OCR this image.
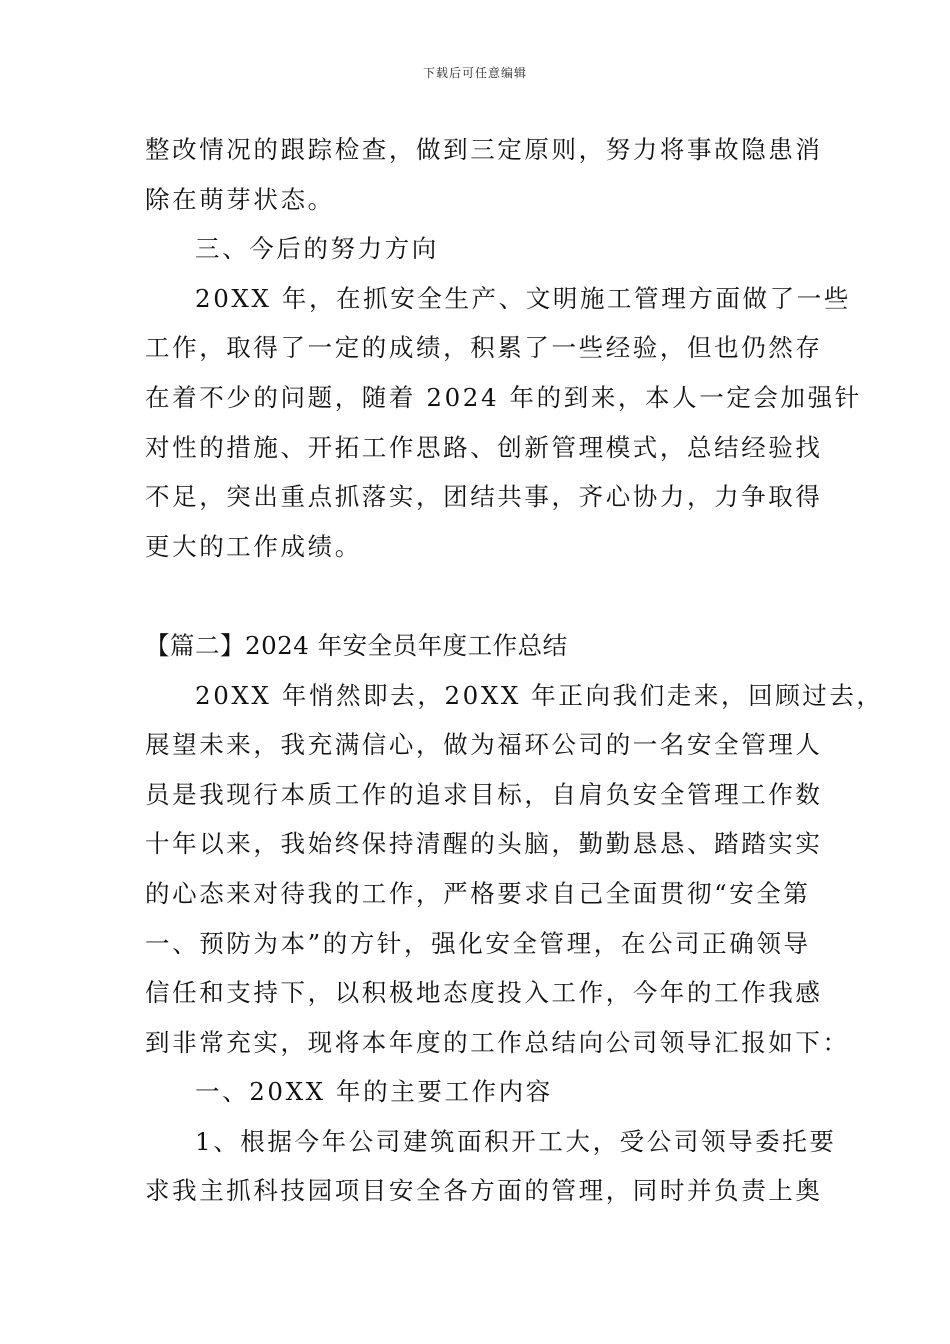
下载后可任意编辑
整改情况的跟踪检查，做到三定原则，努力将事故隐患消
除在萌芽状态。
三、今后的努力方向
20XX 年，在抓安全生产、文明施工管理方面做了一些
工作，取得了一定的成绩，积累了一些经验，但也仍然存
在着不少的问题，随着 2024 年的到来，本人一定会加强针
对性的措施、开拓工作思路、创新管理模式，总结经验找
不足，突出重点抓落实，团结共事，齐心协力，力争取得
更大的工作成绩。
【篇二】2024 年安全员年度工作总结
20XX 年悄然即去，20XX 年正向我们走来，回顾过去，
展望未来，我充满信心，做为福环公司的一名安全管理人
员是我现行本质工作的追求目标，自肩负安全管理工作数
十年以来，我始终保持清醒的头脑，勤勤恳恳、踏踏实实
的心态来对待我的工作，严格要求自己全面贯彻“安全第
一、预防为本”的方针，强化安全管理，在公司正确领导
信任和支持下，以积极地态度投入工作，今年的工作我感
到非常充实，现将本年度的工作总结向公司领导汇报如下：
一、20XX 年的主要工作内容
1、根据今年公司建筑面积开工大，受公司领导委托要
求我主抓科技园项目安全各方面的管理，同时并负责上奥
